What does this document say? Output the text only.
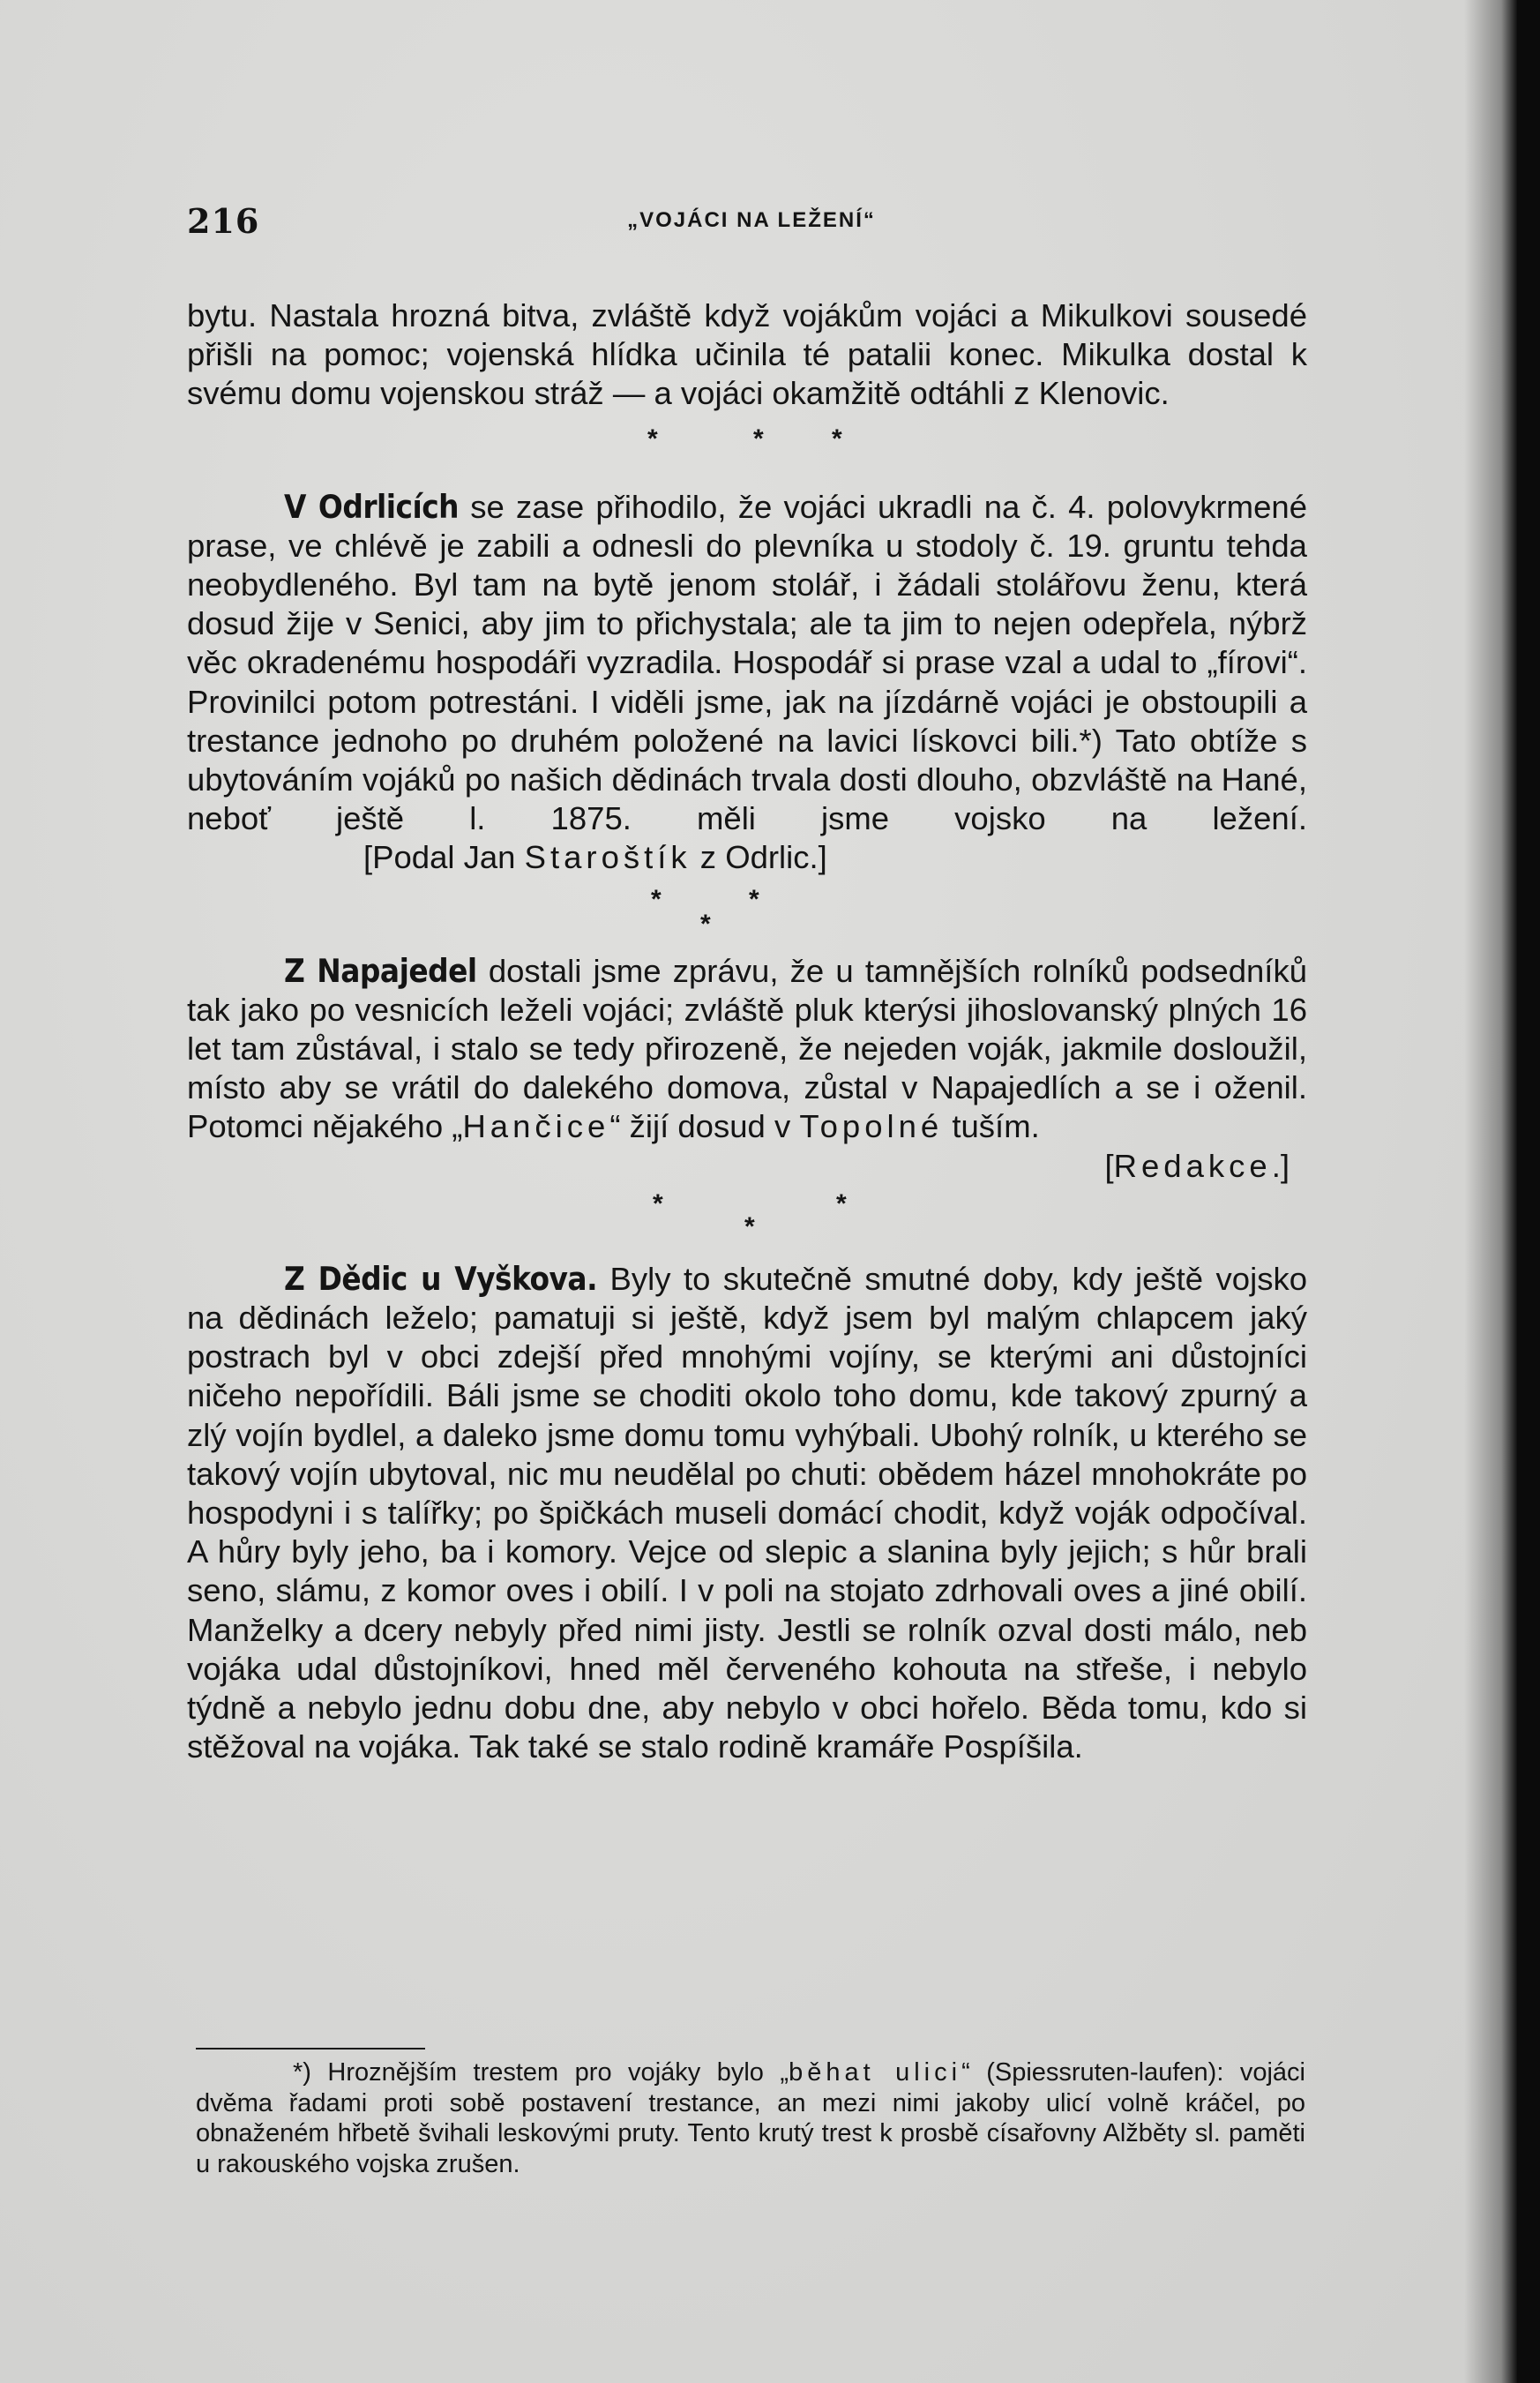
216	„VOJÁCI NA LEŽENÍ“

bytu. Nastala hrozná bitva, zvláště když vojákům vojáci a Mikulkovi sousedé přišli na pomoc; vojenská hlídka učinila té patalii konec. Mikulka dostal k svému domu vojenskou stráž — a vojáci okamžitě odtáhli z Klenovic.

*	*	*

V Odrlicích se zase přihodilo, že vojáci ukradli na č. 4. polovykrmené prase, ve chlévě je zabili a odnesli do plevníka u stodoly č. 19. gruntu tehda neobydleného. Byl tam na bytě jenom stolář, i žádali stolářovu ženu, která dosud žije v Senici, aby jim to přichystala; ale ta jim to nejen odepřela, nýbrž věc okradenému hospodáři vyzradila. Hospodář si prase vzal a udal to „fírovi“. Provinilci potom potrestáni. I viděli jsme, jak na jízdárně vojáci je obstoupili a trestance jednoho po druhém položené na lavici lískovci bili.*) Tato obtíže s ubytováním vojáků po našich dědinách trvala dosti dlouho, obzvláště na Hané, neboť ještě l. 1875. měli jsme vojsko na ležení. [Podal Jan Staroštík z Odrlic.]

*	*
*

Z Napajedel dostali jsme zprávu, že u tamnějších rolníků podsedníků tak jako po vesnicích leželi vojáci; zvláště pluk kterýsi jihoslovanský plných 16 let tam zůstával, i stalo se tedy přirozeně, že nejeden voják, jakmile dosloužil, místo aby se vrátil do dalekého domova, zůstal v Napajedlích a se i oženil. Potomci nějakého „Hančice“ žijí dosud v Topolné tuším.

[Redakce.]

*	*
*

Z Dědic u Vyškova. Byly to skutečně smutné doby, kdy ještě vojsko na dědinách leželo; pamatuji si ještě, když jsem byl malým chlapcem jaký postrach byl v obci zdejší před mnohými vojíny, se kterými ani důstojníci ničeho nepořídili. Báli jsme se choditi okolo toho domu, kde takový zpurný a zlý vojín bydlel, a daleko jsme domu tomu vyhýbali. Ubohý rolník, u kterého se takový vojín ubytoval, nic mu neudělal po chuti: obědem házel mnohokráte po hospodyni i s talířky; po špičkách museli domácí chodit, když voják odpočíval. A hůry byly jeho, ba i komory. Vejce od slepic a slanina byly jejich; s hůr brali seno, slámu, z komor oves i obilí. I v poli na stojato zdrhovali oves a jiné obilí. Manželky a dcery nebyly před nimi jisty. Jestli se rolník ozval dosti málo, neb vojáka udal důstojníkovi, hned měl červeného kohouta na střeše, i nebylo týdně a nebylo jednu dobu dne, aby nebylo v obci hořelo. Běda tomu, kdo si stěžoval na vojáka. Tak také se stalo rodině kramáře Pospíšila.

*) Hroznějším trestem pro vojáky bylo „běhat ulici“ (Spiessruten-laufen): vojáci dvěma řadami proti sobě postavení trestance, an mezi nimi jakoby ulicí volně kráčel, po obnaženém hřbetě švihali leskovými pruty. Tento krutý trest k prosbě císařovny Alžběty sl. paměti u rakouského vojska zrušen.
